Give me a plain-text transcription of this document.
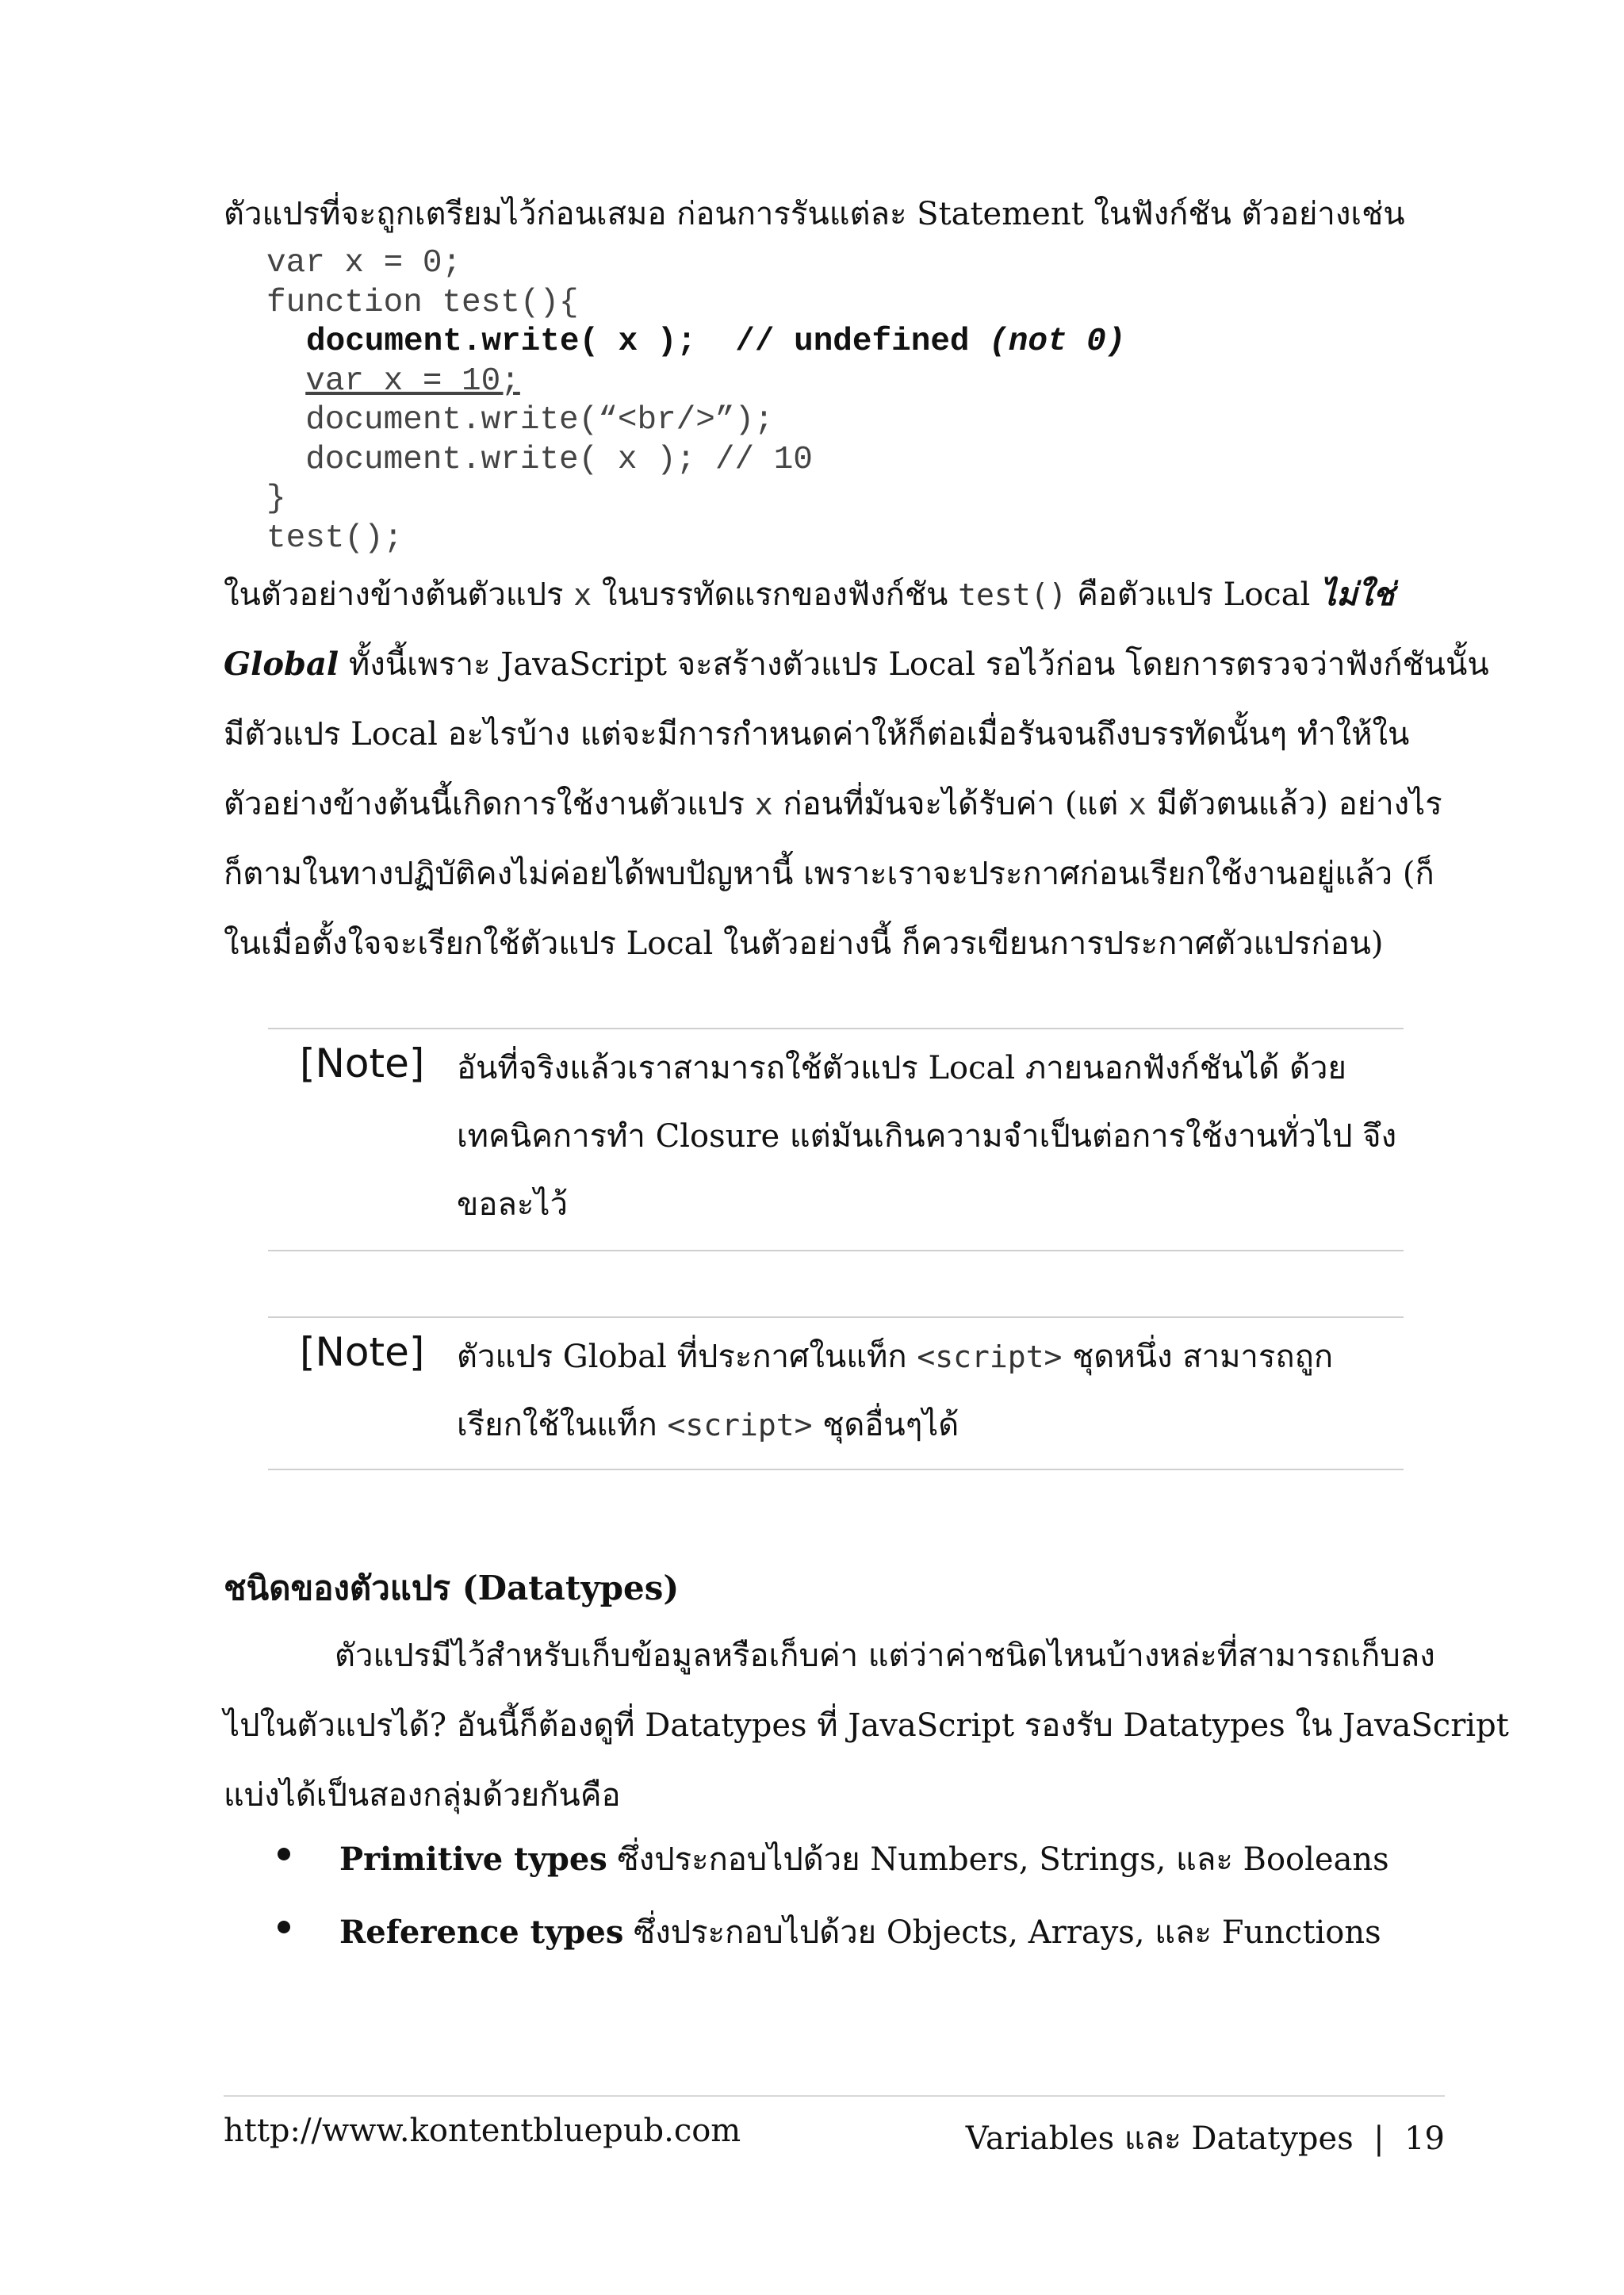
ตัวแปรที่จะถูกเตรียมไว้ก่อนเสมอ ก่อนการรันแต่ละ Statement ในฟังก์ชัน ตัวอย่างเช่น
var x = 0;
function test(){
document.write( x );  // undefined (not 0)
var x = 10;
document.write(“<br/>”);
document.write( x ); // 10
}
test();
ในตัวอย่างข้างต้นตัวแปร x ในบรรทัดแรกของฟังก์ชัน test() คือตัวแปร Local ไม่ใช่
Global ทั้งนี้เพราะ JavaScript จะสร้างตัวแปร Local รอไว้ก่อน โดยการตรวจว่าฟังก์ชันนั้น
มีตัวแปร Local อะไรบ้าง แต่จะมีการกำหนดค่าให้ก็ต่อเมื่อรันจนถึงบรรทัดนั้นๆ ทำให้ใน
ตัวอย่างข้างต้นนี้เกิดการใช้งานตัวแปร x ก่อนที่มันจะได้รับค่า (แต่ x มีตัวตนแล้ว) อย่างไร
ก็ตามในทางปฏิบัติคงไม่ค่อยได้พบปัญหานี้ เพราะเราจะประกาศก่อนเรียกใช้งานอยู่แล้ว (ก็
ในเมื่อตั้งใจจะเรียกใช้ตัวแปร Local ในตัวอย่างนี้ ก็ควรเขียนการประกาศตัวแปรก่อน)
[Note] อันที่จริงแล้วเราสามารถใช้ตัวแปร Local ภายนอกฟังก์ชันได้ ด้วย
เทคนิคการทำ Closure แต่มันเกินความจำเป็นต่อการใช้งานทั่วไป จึง
ขอละไว้
[Note] ตัวแปร Global ที่ประกาศในแท็ก <script> ชุดหนึ่ง สามารถถูก
เรียกใช้ในแท็ก <script> ชุดอื่นๆได้
ชนิดของตัวแปร (Datatypes)
ตัวแปรมีไว้สำหรับเก็บข้อมูลหรือเก็บค่า แต่ว่าค่าชนิดไหนบ้างหล่ะที่สามารถเก็บลง
ไปในตัวแปรได้? อันนี้ก็ต้องดูที่ Datatypes ที่ JavaScript รองรับ Datatypes ใน JavaScript
แบ่งได้เป็นสองกลุ่มด้วยกันคือ
Primitive types ซึ่งประกอบไปด้วย Numbers, Strings, และ Booleans
Reference types ซึ่งประกอบไปด้วย Objects, Arrays, และ Functions
http://www.kontentbluepub.com	Variables และ Datatypes | 19
